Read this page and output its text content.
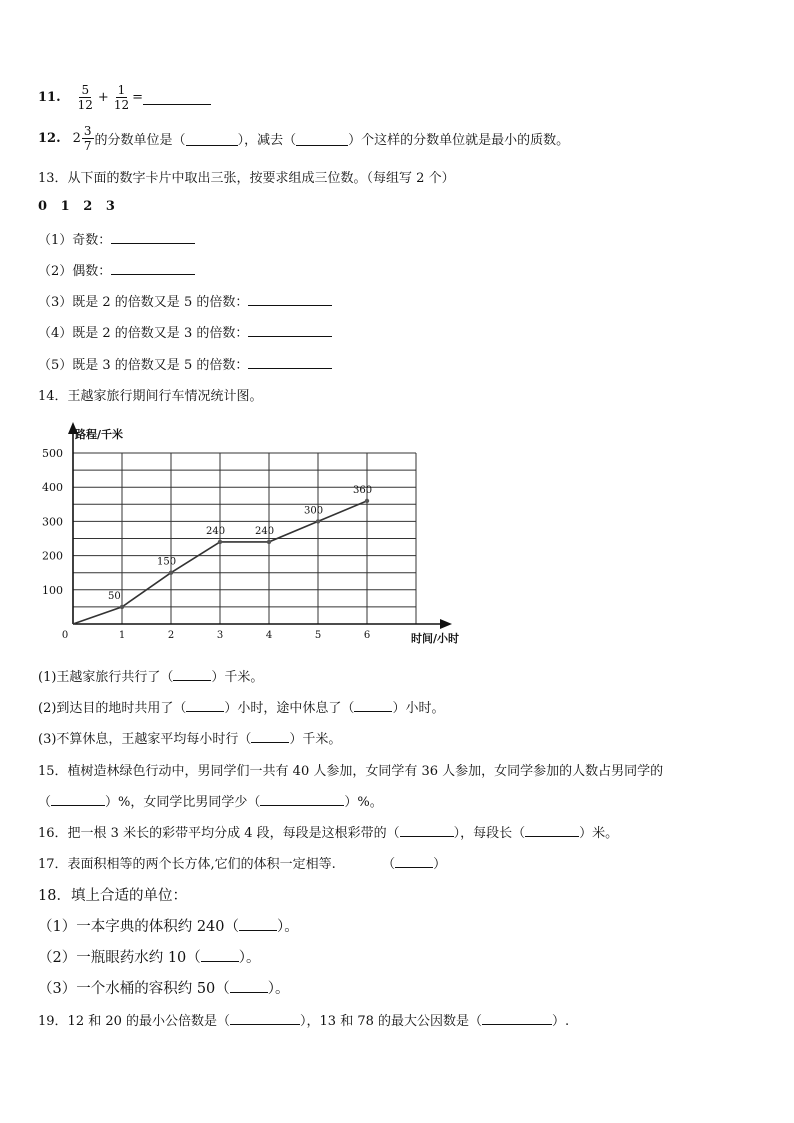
11. $\frac{5}{12} + \frac{1}{12}$ =
12. $2 \frac{3}{7}$ 的分数单位是（	），减去（	）个这样的分数单位就是最小的质数。
13．从下面的数字卡片中取出三张，按要求组成三位数。（每组写 2 个）
0   1   2   3
（1）奇数：
（2）偶数：
（3）既是 2 的倍数又是 5 的倍数：
（4）既是 2 的倍数又是 3 的倍数：
（5）既是 3 的倍数又是 5 的倍数：
14．王越家旅行期间行车情况统计图。
路程/千米
时间/小时
100
200
300
400
500
0	1	2	3	4	5	6
50
150
240	240
300
360
(1)王越家旅行共行了（	）千米。
(2)到达目的地时共用了（	）小时，途中休息了（	）小时。
(3)不算休息，王越家平均每小时行（	）千米。
15．植树造林绿色行动中，男同学们一共有 40 人参加，女同学有 36 人参加，女同学参加的人数占男同学的
（	）%，女同学比男同学少（	）%。
16．把一根 3 米长的彩带平均分成 4 段，每段是这根彩带的（	），每段长（	）米。
17．表面积相等的两个长方体,它们的体积一定相等.	（	）
18．填上合适的单位：
（1）一本字典的体积约 240（	）。
（2）一瓶眼药水约 10（	）。
（3）一个水桶的容积约 50（	）。
19．12 和 20 的最小公倍数是（	），13 和 78 的最大公因数是（	）.
